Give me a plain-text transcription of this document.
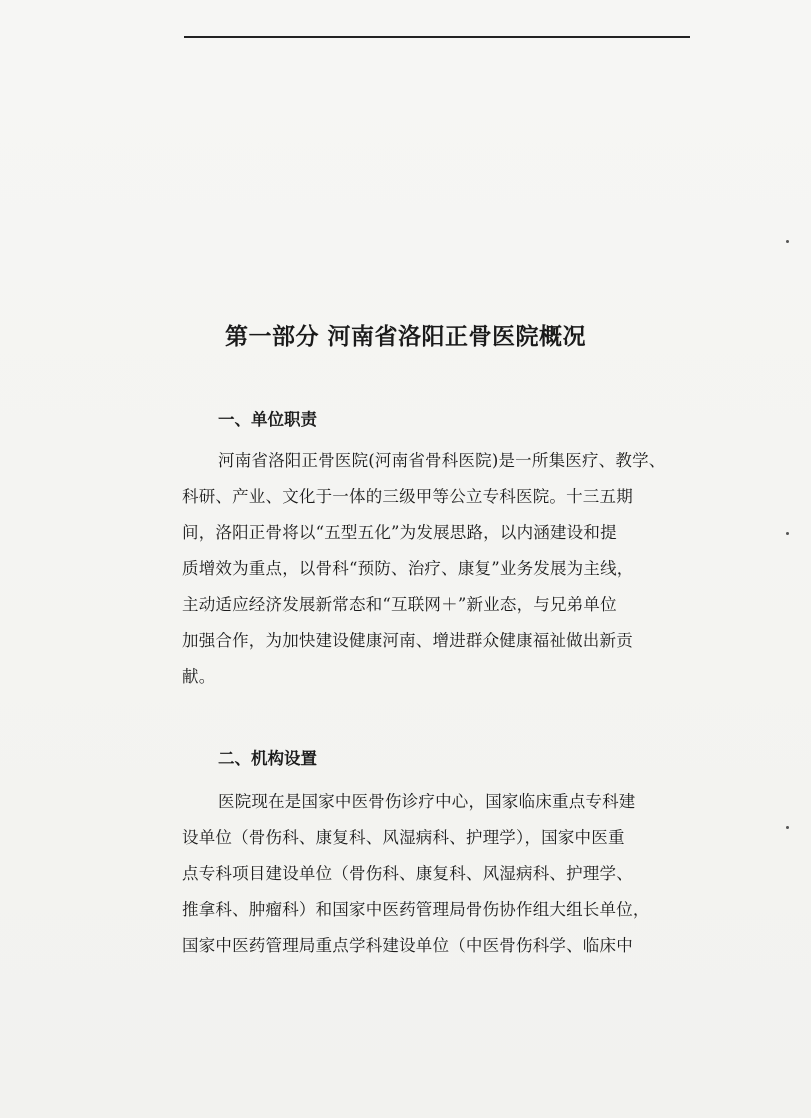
第一部分 河南省洛阳正骨医院概况
一、单位职责
河南省洛阳正骨医院(河南省骨科医院)是一所集医疗、教学、
科研、产业、文化于一体的三级甲等公立专科医院。十三五期
间，洛阳正骨将以“五型五化”为发展思路，以内涵建设和提
质增效为重点，以骨科“预防、治疗、康复”业务发展为主线，
主动适应经济发展新常态和“互联网＋”新业态，与兄弟单位
加强合作，为加快建设健康河南、增进群众健康福祉做出新贡
献。
二、机构设置
医院现在是国家中医骨伤诊疗中心，国家临床重点专科建
设单位（骨伤科、康复科、风湿病科、护理学），国家中医重
点专科项目建设单位（骨伤科、康复科、风湿病科、护理学、
推拿科、肿瘤科）和国家中医药管理局骨伤协作组大组长单位，
国家中医药管理局重点学科建设单位（中医骨伤科学、临床中
